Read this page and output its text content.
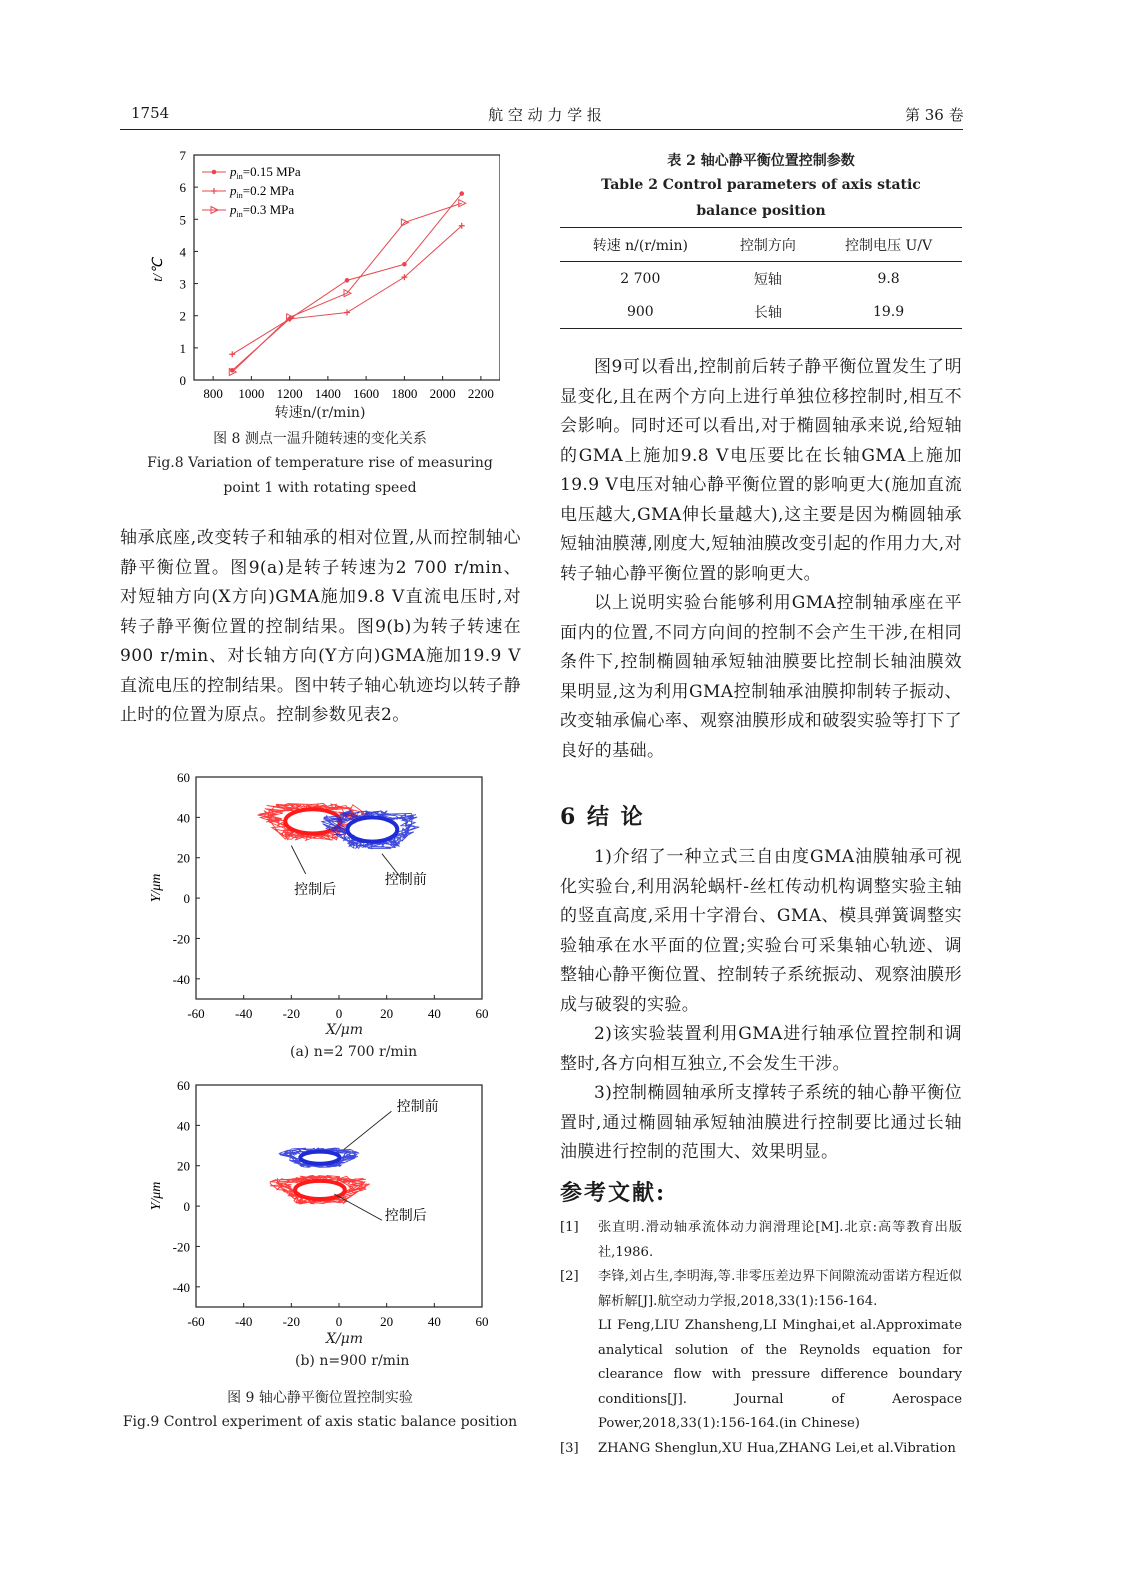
1754	航 空 动 力 学 报	第 36 卷
800 1000 1200 1400 1600 1800 2000 2200
0
1
2
3
4
5
6
7
$p_{in}=0.15$ MPa
$p_{in}=0.2$ MPa
$p_{in}=0.3$ MPa
t/℃
转速n/(r/min)
图 8 测点一温升随转速的变化关系
Fig.8 Variation of temperature rise of measuring
point 1 with rotating speed

轴承底座,改变转子和轴承的相对位置,从而控制轴心静平衡位置。图9(a)是转子转速为2 700 r/min、对短轴方向(X方向)GMA施加9.8 V直流电压时,对转子静平衡位置的控制结果。图9(b)为转子转速在900 r/min、对长轴方向(Y方向)GMA施加19.9 V直流电压的控制结果。图中转子轴心轨迹均以转子静止时的位置为原点。控制参数见表2。

-60 -40 -20	0	20	40	60
-40
-20
0
20
40
60
Y/μm	控制后
控制前
X/μm
(a) n=2 700 r/min
-60 -40 -20	0	20	40	60
-40
-20
0
20
40
60
Y/μm
控制前
控制后
X/μm
(b) n=900 r/min
图 9 轴心静平衡位置控制实验
Fig.9 Control experiment of axis static balance position
表 2 轴心静平衡位置控制参数
Table 2 Control parameters of axis static
balance position
转速 n/(r/min)	控制方向	控制电压 U/V
2 700	短轴	9.8
900	长轴	19.9

图9可以看出,控制前后转子静平衡位置发生了明显变化,且在两个方向上进行单独位移控制时,相互不会影响。同时还可以看出,对于椭圆轴承来说,给短轴的GMA上施加9.8 V电压要比在长轴GMA上施加19.9 V电压对轴心静平衡位置的影响更大(施加直流电压越大,GMA伸长量越大),这主要是因为椭圆轴承短轴油膜薄,刚度大,短轴油膜改变引起的作用力大,对转子轴心静平衡位置的影响更大。

以上说明实验台能够利用GMA控制轴承座在平面内的位置,不同方向间的控制不会产生干涉,在相同条件下,控制椭圆轴承短轴油膜要比控制长轴油膜效果明显,这为利用GMA控制轴承油膜抑制转子振动、改变轴承偏心率、观察油膜形成和破裂实验等打下了良好的基础。

6 结 论

1)介绍了一种立式三自由度GMA油膜轴承可视化实验台,利用涡轮蜗杆-丝杠传动机构调整实验主轴的竖直高度,采用十字滑台、GMA、模具弹簧调整实验轴承在水平面的位置;实验台可采集轴心轨迹、调整轴心静平衡位置、控制转子系统振动、观察油膜形成与破裂的实验。

2)该实验装置利用GMA进行轴承位置控制和调整时,各方向相互独立,不会发生干涉。

3)控制椭圆轴承所支撑转子系统的轴心静平衡位置时,通过椭圆轴承短轴油膜进行控制要比通过长轴油膜进行控制的范围大、效果明显。

参考文献:
[1]	张直明.滑动轴承流体动力润滑理论[M].北京:高等教育出版社,1986.
[2]	李锋,刘占生,李明海,等.非零压差边界下间隙流动雷诺方程近似解析解[J].航空动力学报,2018,33(1):156-164.
LI Feng,LIU Zhansheng,LI Minghai,et al.Approximate analytical solution of the Reynolds equation for clearance flow with pressure difference boundary conditions[J]. Journal of Aerospace Power,2018,33(1):156-164.(in Chinese)
[3]	ZHANG Shenglun,XU Hua,ZHANG Lei,et al.Vibration
